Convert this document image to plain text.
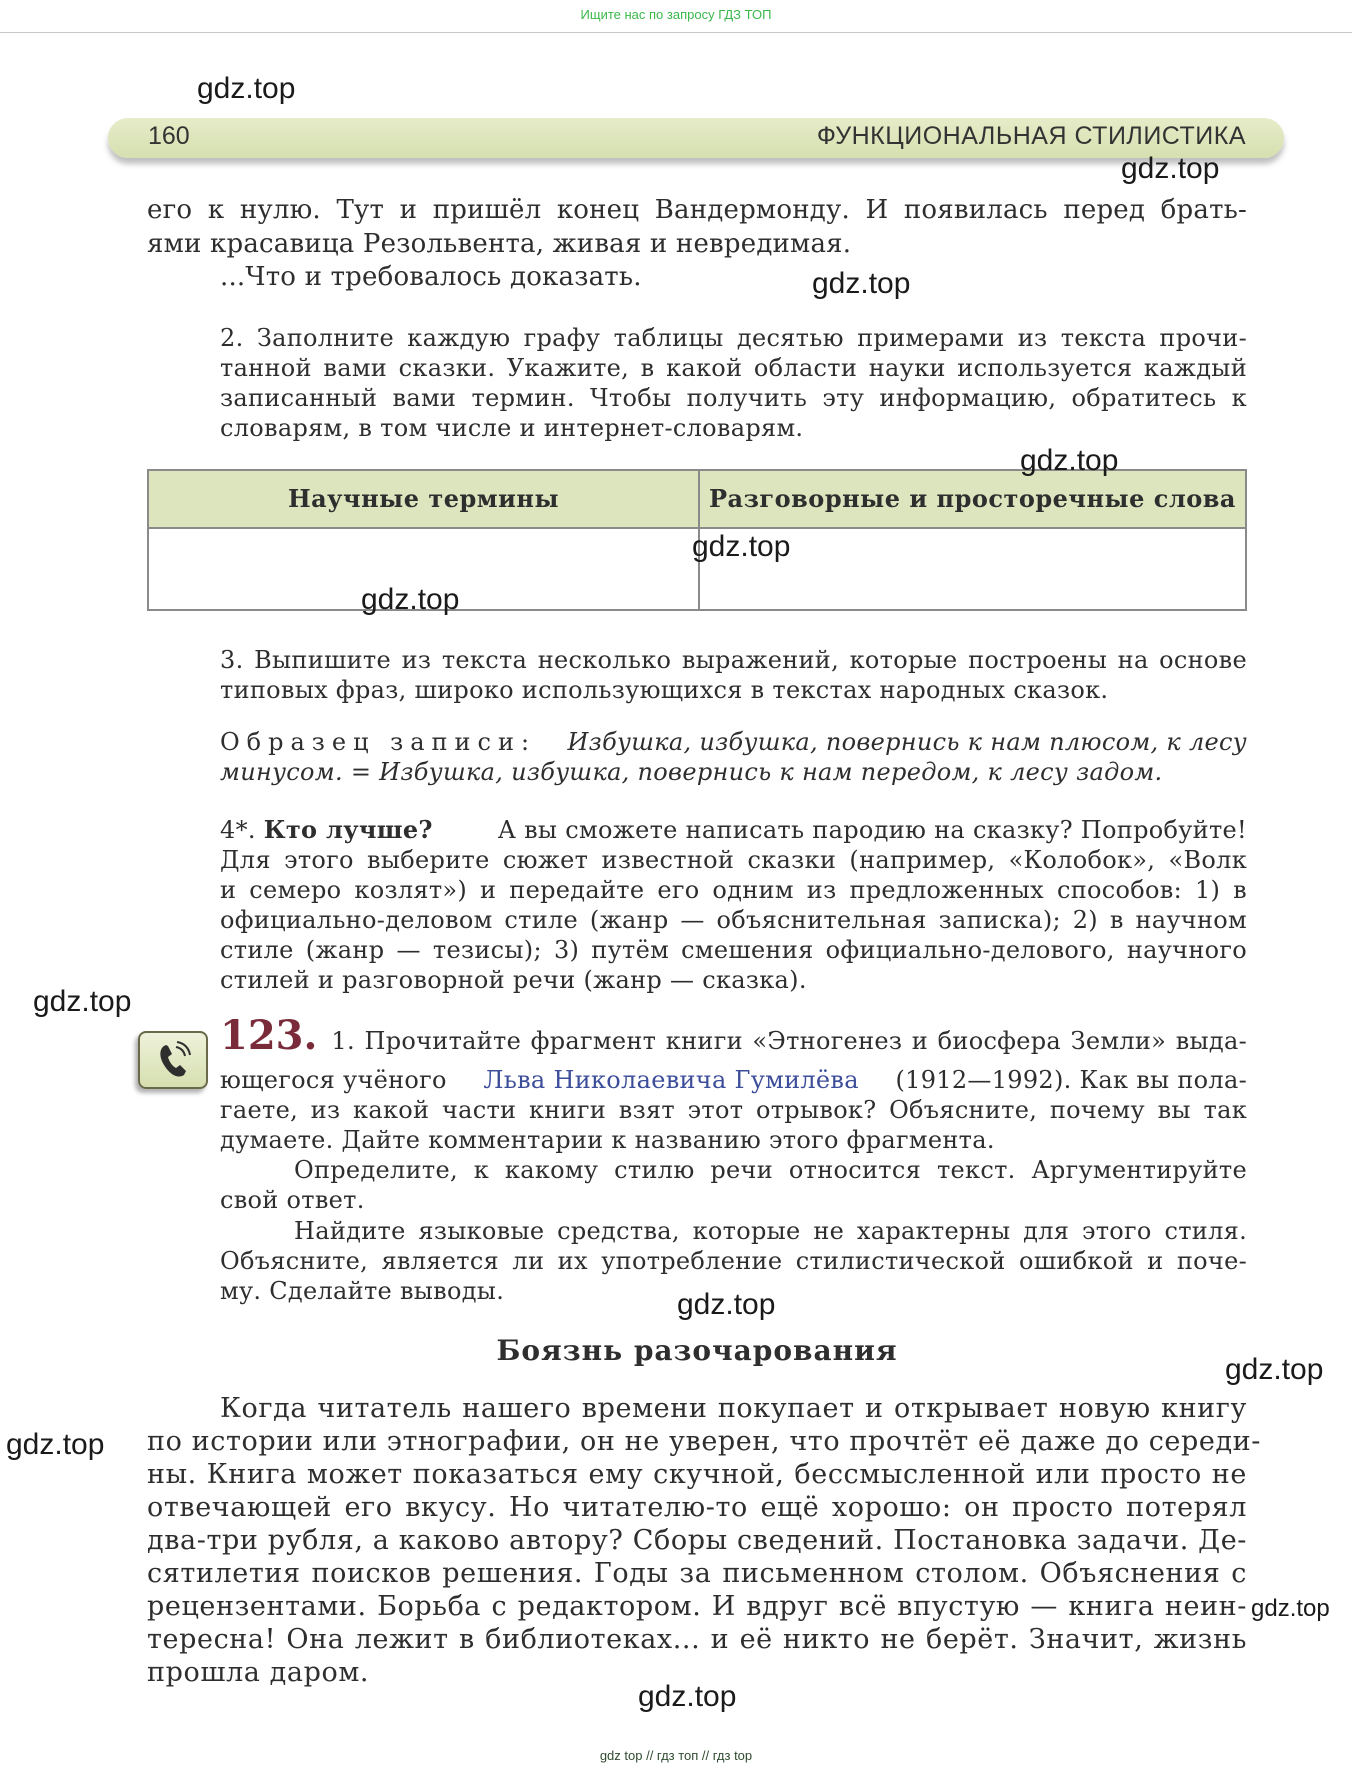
Ищите нас по запросу ГДЗ ТОП
160	ФУНКЦИОНАЛЬНАЯ СТИЛИСТИКА
его к нулю. Тут и пришёл конец Вандермонду. И появилась перед брать-
ями красавица Резольвента, живая и невредимая.
...Что и требовалось доказать.
2. Заполните каждую графу таблицы десятью примерами из текста прочи-
танной вами сказки. Укажите, в какой области науки используется каждый
записанный вами термин. Чтобы получить эту информацию, обратитесь к
словарям, в том числе и интернет-словарям.
Научные термины	Разговорные и просторечные слова
3. Выпишите из текста несколько выражений, которые построены на основе
типовых фраз, широко использующихся в текстах народных сказок.
Образец записи: Избушка, избушка, повернись к нам плюсом, к лесу
минусом. = Избушка, избушка, повернись к нам передом, к лесу задом.
4*. Кто лучше?	А вы сможете написать пародию на сказку? Попробуйте!
Для этого выберите сюжет известной сказки (например, «Колобок», «Волк
и семеро козлят») и передайте его одним из предложенных способов: 1) в
официально-деловом стиле (жанр — объяснительная записка); 2) в научном
стиле (жанр — тезисы); 3) путём смешения официально-делового, научного
стилей и разговорной речи (жанр — сказка).
123. 1. Прочитайте фрагмент книги «Этногенез и биосфера Земли» выда-
ющегося учёного Льва Николаевича Гумилёва (1912—1992). Как вы пола-
гаете, из какой части книги взят этот отрывок? Объясните, почему вы так
думаете. Дайте комментарии к названию этого фрагмента.
Определите, к какому стилю речи относится текст. Аргументируйте
свой ответ.
Найдите языковые средства, которые не характерны для этого стиля.
Объясните, является ли их употребление стилистической ошибкой и поче-
му. Сделайте выводы.
Боязнь разочарования
Когда читатель нашего времени покупает и открывает новую книгу
по истории или этнографии, он не уверен, что прочтёт её даже до середи-
ны. Книга может показаться ему скучной, бессмысленной или просто не
отвечающей его вкусу. Но читателю-то ещё хорошо: он просто потерял
два-три рубля, а каково автору? Сборы сведений. Постановка задачи. Де-
сятилетия поисков решения. Годы за письменном столом. Объяснения с
рецензентами. Борьба с редактором. И вдруг всё впустую — книга неин-
тересна! Она лежит в библиотеках... и её никто не берёт. Значит, жизнь
прошла даром.
gdz.top
gdz.top
gdz.top
gdz.top
gdz.top
gdz.top
gdz.top
gdz.top
gdz.top
gdz.top
gdz.top
gdz.top
gdz top // гдз топ // гдз top
